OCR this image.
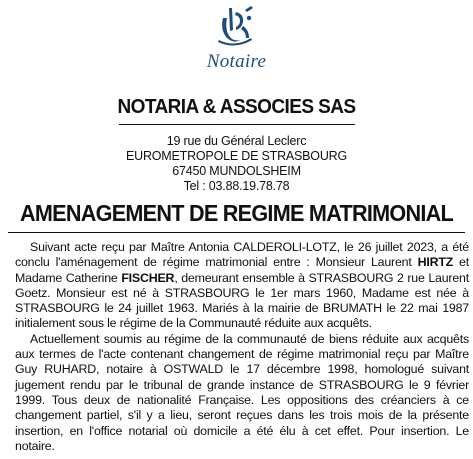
Notaire
NOTARIA & ASSOCIES SAS
19 rue du Général Leclerc
EUROMETROPOLE DE STRASBOURG
67450 MUNDOLSHEIM
Tel : 03.88.19.78.78
AMENAGEMENT DE REGIME MATRIMONIAL

Suivant acte reçu par Maître Antonia CALDEROLI-LOTZ, le 26 juillet 2023, a été conclu l'aménagement de régime matrimonial entre : Monsieur Laurent HIRTZ et Madame Catherine FISCHER, demeurant ensemble à STRASBOURG 2 rue Laurent Goetz. Monsieur est né à STRASBOURG le 1er mars 1960, Madame est née à STRASBOURG le 24 juillet 1963. Mariés à la mairie de BRUMATH le 22 mai 1987 initialement sous le régime de la Communauté réduite aux acquêts.

Actuellement soumis au régime de la communauté de biens réduite aux acquêts aux termes de l'acte contenant changement de régime matrimonial reçu par Maître Guy RUHARD, notaire à OSTWALD le 17 décembre 1998, homologué suivant jugement rendu par le tribunal de grande instance de STRASBOURG le 9 février 1999. Tous deux de nationalité Française. Les oppositions des créanciers à ce changement partiel, s'il y a lieu, seront reçues dans les trois mois de la présente insertion, en l'office notarial où domicile a été élu à cet effet. Pour insertion. Le notaire.
